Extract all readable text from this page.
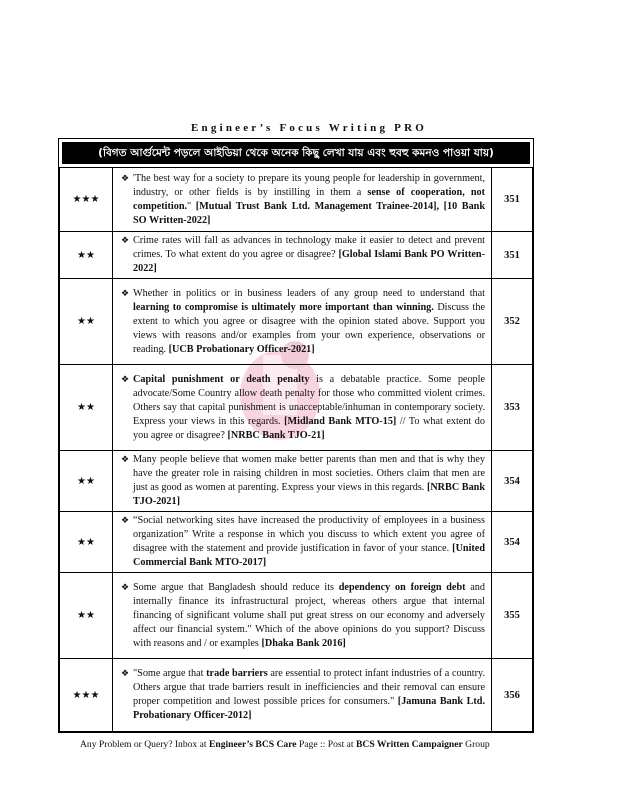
Engineer’s Focus Writing PRO
(বিগত আর্গুমেন্ট পড়লে আইডিয়া থেকে অনেক কিছু লেখা যায় এবং হুবহু কমনও পাওয়া যায়)
★★★	❖ 'The best way for a society to prepare its young people for leadership in government, industry, or other fields is by instilling in them a sense of cooperation, not competition." [Mutual Trust Bank Ltd. Management Trainee-2014], [10 Bank SO Written-2022]	351
★★	❖ Crime rates will fall as advances in technology make it easier to detect and prevent crimes. To what extent do you agree or disagree? [Global Islami Bank PO Written-2022]	351
★★	❖ Whether in politics or in business leaders of any group need to understand that learning to compromise is ultimately more important than winning. Discuss the extent to which you agree or disagree with the opinion stated above. Support you views with reasons and/or examples from your own experience, observations or reading. [UCB Probationary Officer-2021]	352
★★	❖ Capital punishment or death penalty is a debatable practice. Some people advocate/Some Country allow death penalty for those who committed violent crimes. Others say that capital punishment is unacceptable/inhuman in contemporary society. Express your views in this regards. [Midland Bank MTO-15] // To what extent do you agree or disagree? [NRBC Bank TJO-21]	353
★★	❖ Many people believe that women make better parents than men and that is why they have the greater role in raising children in most societies. Others claim that men are just as good as women at parenting. Express your views in this regards. [NRBC Bank TJO-2021]	354
★★	❖ “Social networking sites have increased the productivity of employees in a business organization” Write a response in which you discuss to which extent you agree of disagree with the statement and provide justification in favor of your stance. [United Commercial Bank MTO-2017]	354
★★	❖ Some argue that Bangladesh should reduce its dependency on foreign debt and internally finance its infrastructural project, whereas others argue that internal financing of significant volume shall put great stress on our economy and adversely affect our financial system." Which of the above opinions do you support? Discuss with reasons and / or examples [Dhaka Bank 2016]	355
★★★	❖ "Some argue that trade barriers are essential to protect infant industries of a country. Others argue that trade barriers result in inefficiencies and their removal can ensure proper competition and lowest possible prices for consumers." [Jamuna Bank Ltd. Probationary Officer-2012]	356
Any Problem or Query? Inbox at Engineer’s BCS Care Page :: Post at BCS Written Campaigner Group
